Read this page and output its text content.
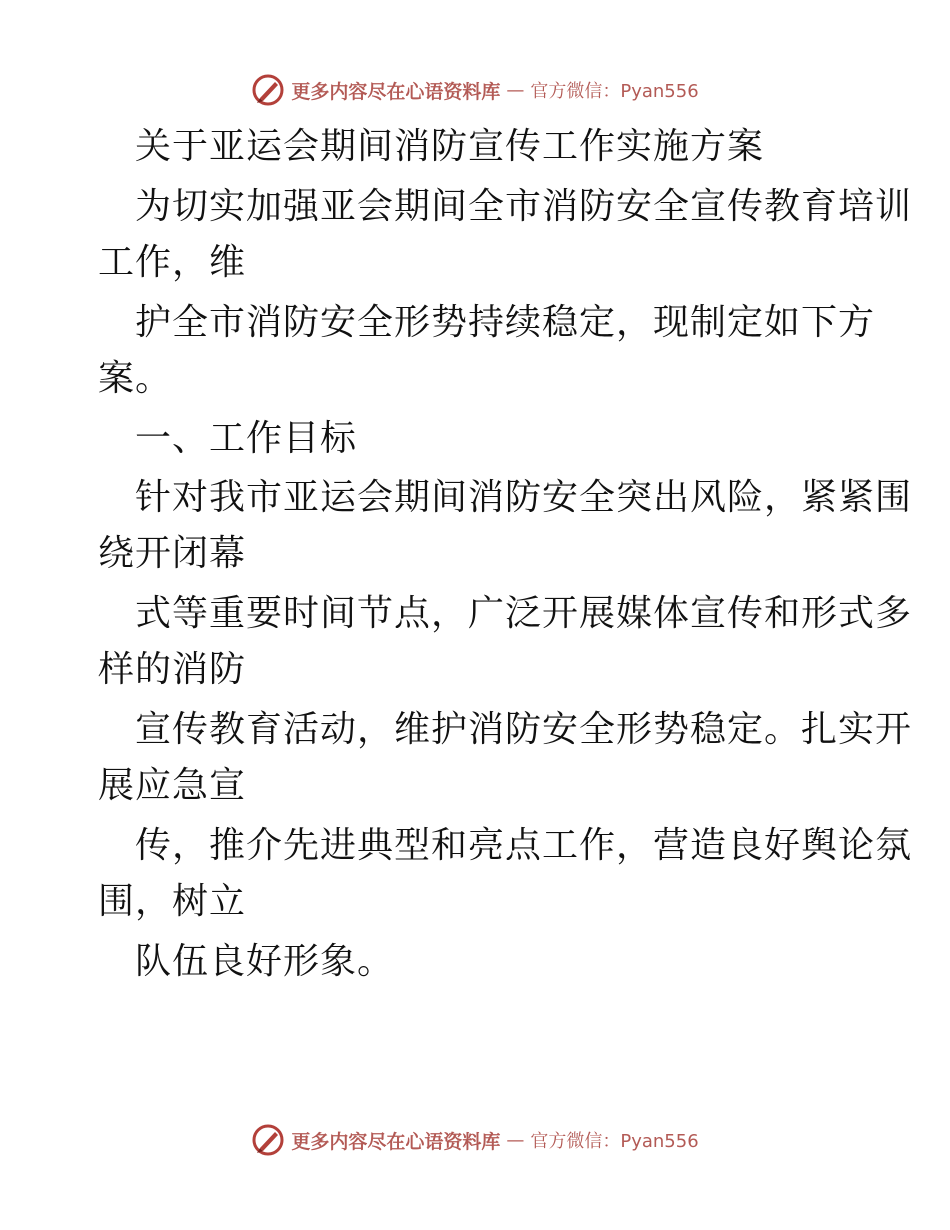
更多内容尽在心语资料库 — 官方微信：Pyan556
关于亚运会期间消防宣传工作实施方案
为切实加强亚会期间全市消防安全宣传教育培训
工作，维
护全市消防安全形势持续稳定，现制定如下方
案。
一、工作目标
针对我市亚运会期间消防安全突出风险，紧紧围
绕开闭幕
式等重要时间节点，广泛开展媒体宣传和形式多
样的消防
宣传教育活动，维护消防安全形势稳定。扎实开
展应急宣
传，推介先进典型和亮点工作，营造良好舆论氛
围，树立
队伍良好形象。
更多内容尽在心语资料库 — 官方微信：Pyan556
